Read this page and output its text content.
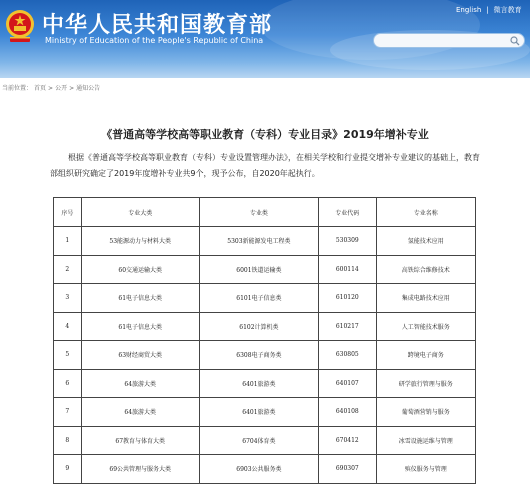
中华人民共和国教育部
Ministry of Education of the People's Republic of China
English | 微言教育
当前位置： 首页 > 公开 > 通知公告
《普通高等学校高等职业教育（专科）专业目录》2019年增补专业
根据《普通高等学校高等职业教育（专科）专业设置管理办法》，在相关学校和行业提交增补专业建议的基础上，教育部组织研究确定了2019年度增补专业共9个，现予公布，自2020年起执行。
序号	专业大类	专业类	专业代码	专业名称
1	53能源动力与材料大类	5303新能源发电工程类	530309	氢能技术应用
2	60交通运输大类	6001铁道运输类	600114	高铁综合维修技术
3	61电子信息大类	6101电子信息类	610120	集成电路技术应用
4	61电子信息大类	6102计算机类	610217	人工智能技术服务
5	63财经商贸大类	6308电子商务类	630805	跨境电子商务
6	64旅游大类	6401旅游类	640107	研学旅行管理与服务
7	64旅游大类	6401旅游类	640108	葡萄酒营销与服务
8	67教育与体育大类	6704体育类	670412	冰雪设施运维与管理
9	69公共管理与服务大类	6903公共服务类	690307	殡仪服务与管理
